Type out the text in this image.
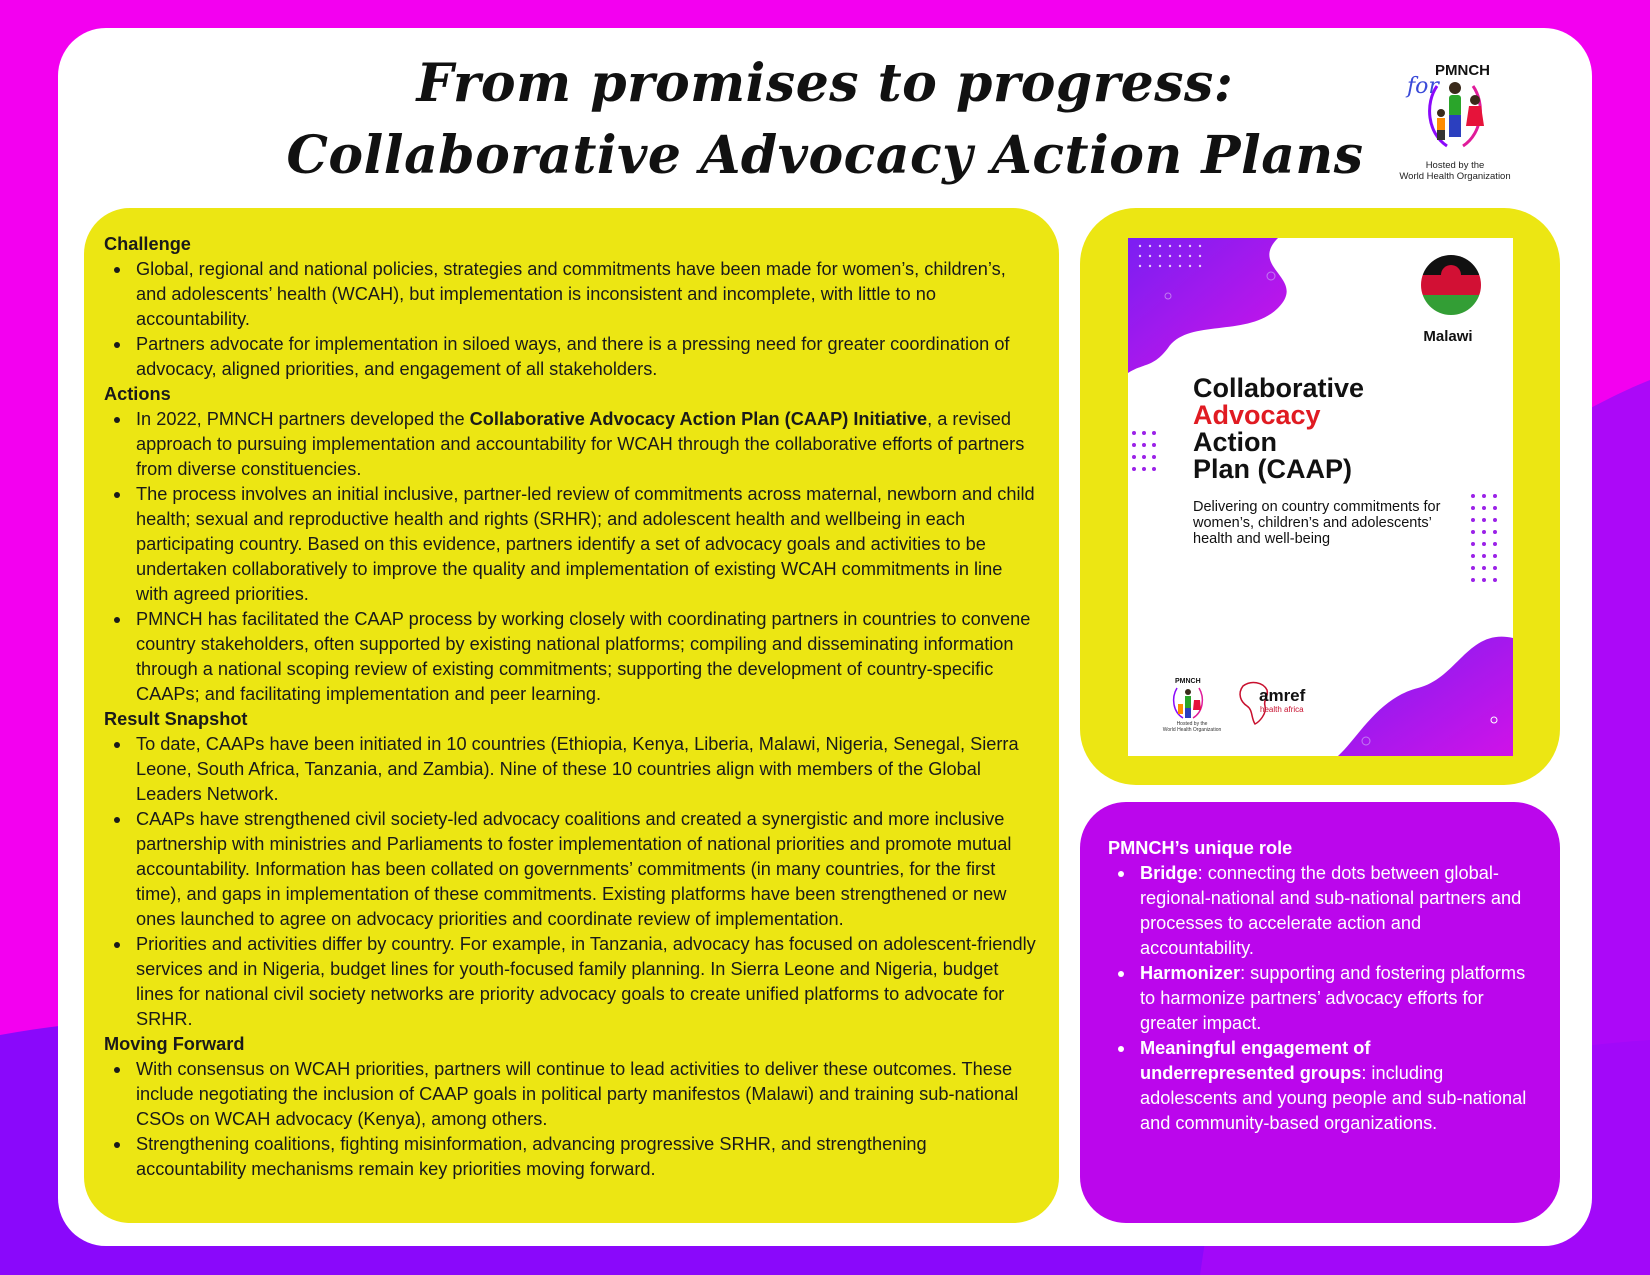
From promises to progress:
Collaborative Advocacy Action Plans
for
PMNCH
Hosted by the
World Health Organization
Challenge
Global, regional and national policies, strategies and commitments have been made for women’s, children’s, and adolescents’ health (WCAH), but implementation is inconsistent and incomplete, with little to no accountability.
Partners advocate for implementation in siloed ways, and there is a pressing need for greater coordination of advocacy, aligned priorities, and engagement of all stakeholders.
Actions
In 2022, PMNCH partners developed the Collaborative Advocacy Action Plan (CAAP) Initiative, a revised approach to pursuing implementation and accountability for WCAH through the collaborative efforts of partners from diverse constituencies.
The process involves an initial inclusive, partner-led review of commitments across maternal, newborn and child health; sexual and reproductive health and rights (SRHR); and adolescent health and wellbeing in each participating country. Based on this evidence, partners identify a set of advocacy goals and activities to be undertaken collaboratively to improve the quality and implementation of existing WCAH commitments in line with agreed priorities.
PMNCH has facilitated the CAAP process by working closely with coordinating partners in countries to convene country stakeholders, often supported by existing national platforms; compiling and disseminating information through a national scoping review of existing commitments; supporting the development of country-specific CAAPs; and facilitating implementation and peer learning.
Result Snapshot
To date, CAAPs have been initiated in 10 countries (Ethiopia, Kenya, Liberia, Malawi, Nigeria, Senegal, Sierra Leone, South Africa, Tanzania, and Zambia). Nine of these 10 countries align with members of the Global Leaders Network.
CAAPs have strengthened civil society-led advocacy coalitions and created a synergistic and more inclusive partnership with ministries and Parliaments to foster implementation of national priorities and promote mutual accountability. Information has been collated on governments’ commitments (in many countries, for the first time), and gaps in implementation of these commitments. Existing platforms have been strengthened or new ones launched to agree on advocacy priorities and coordinate review of implementation.
Priorities and activities differ by country. For example, in Tanzania, advocacy has focused on adolescent-friendly services and in Nigeria, budget lines for youth-focused family planning. In Sierra Leone and Nigeria, budget lines for national civil society networks are priority advocacy goals to create unified platforms to advocate for SRHR.
Moving Forward
With consensus on WCAH priorities, partners will continue to lead activities to deliver these outcomes. These include negotiating the inclusion of CAAP goals in political party manifestos (Malawi) and training sub-national CSOs on WCAH advocacy (Kenya), among others.
Strengthening coalitions, fighting misinformation, advancing progressive SRHR, and strengthening accountability mechanisms remain key priorities moving forward.
Malawi
Collaborative
Advocacy
Action
Plan (CAAP)
Delivering on country commitments for women’s, children’s and adolescents’ health and well-being
PMNCH
Hosted by the
World Health Organization
amref
health africa
PMNCH’s unique role
Bridge: connecting the dots between global-regional-national and sub-national partners and processes to accelerate action and accountability.
Harmonizer: supporting and fostering platforms to harmonize partners’ advocacy efforts for greater impact.
Meaningful engagement of underrepresented groups: including adolescents and young people and sub-national and community-based organizations.
